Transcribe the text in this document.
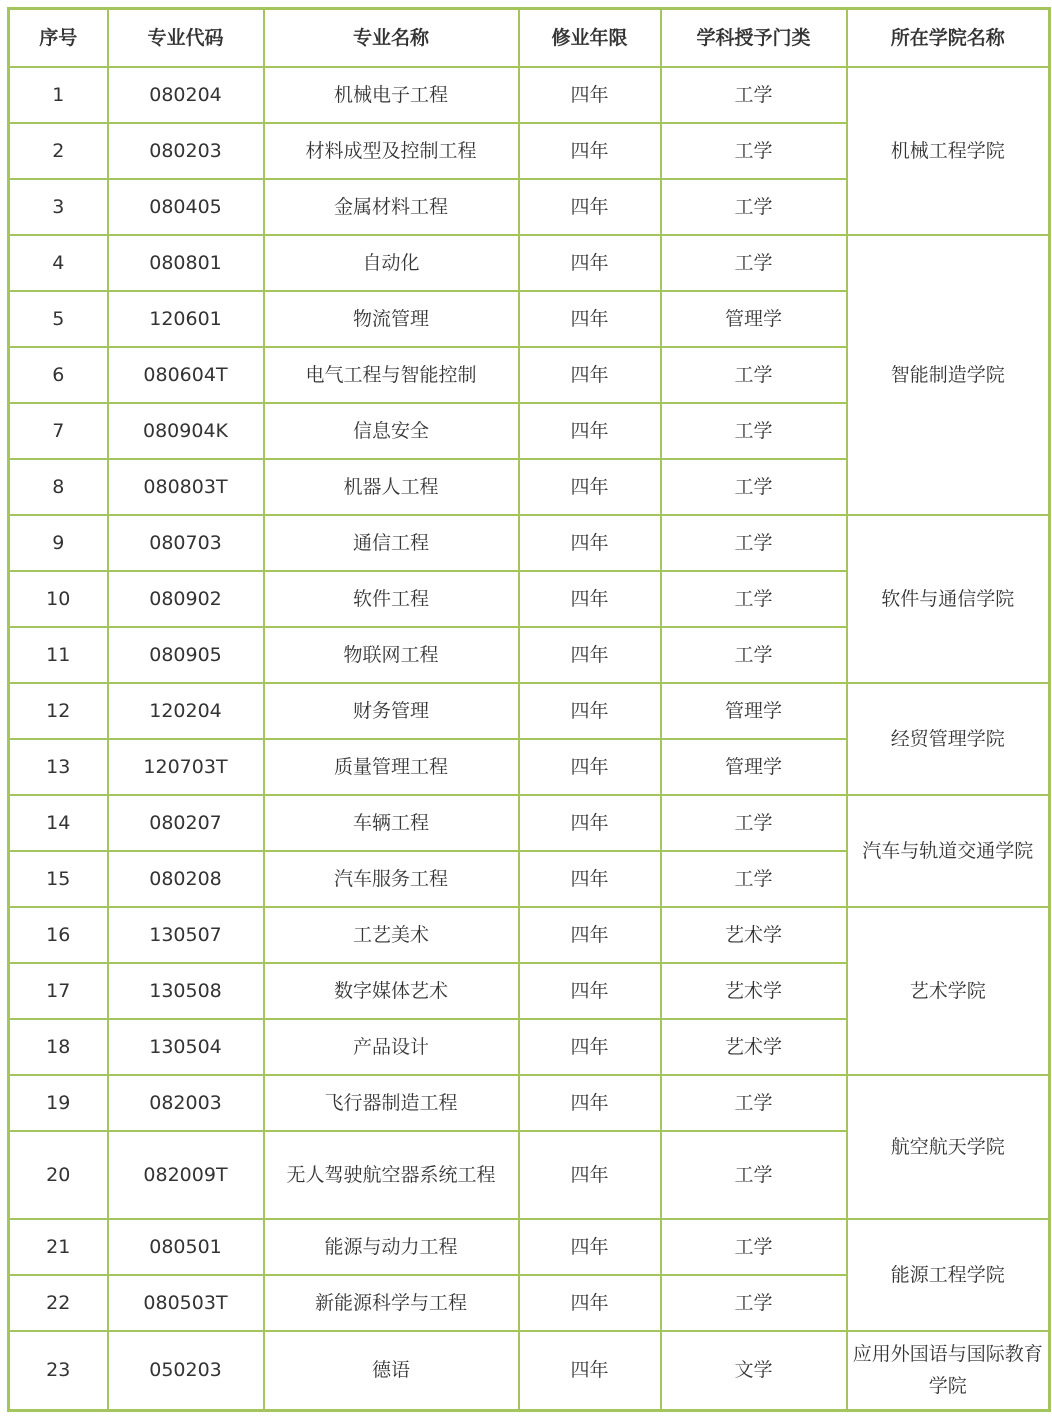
序号	专业代码	专业名称	修业年限	学科授予门类	所在学院名称
1	080204	机械电子工程	四年	工学	机械工程学院
2	080203	材料成型及控制工程	四年	工学	
3	080405	金属材料工程	四年	工学	
4	080801	自动化	四年	工学	智能制造学院
5	120601	物流管理	四年	管理学	
6	080604T	电气工程与智能控制	四年	工学	
7	080904K	信息安全	四年	工学	
8	080803T	机器人工程	四年	工学	
9	080703	通信工程	四年	工学	软件与通信学院
10	080902	软件工程	四年	工学	
11	080905	物联网工程	四年	工学	
12	120204	财务管理	四年	管理学	经贸管理学院
13	120703T	质量管理工程	四年	管理学	
14	080207	车辆工程	四年	工学	汽车与轨道交通学院
15	080208	汽车服务工程	四年	工学	
16	130507	工艺美术	四年	艺术学	艺术学院
17	130508	数字媒体艺术	四年	艺术学	
18	130504	产品设计	四年	艺术学	
19	082003	飞行器制造工程	四年	工学	航空航天学院
20	082009T	无人驾驶航空器系统工程	四年	工学	
21	080501	能源与动力工程	四年	工学	能源工程学院
22	080503T	新能源科学与工程	四年	工学	
23	050203	德语	四年	文学	应用外国语与国际教育学院
